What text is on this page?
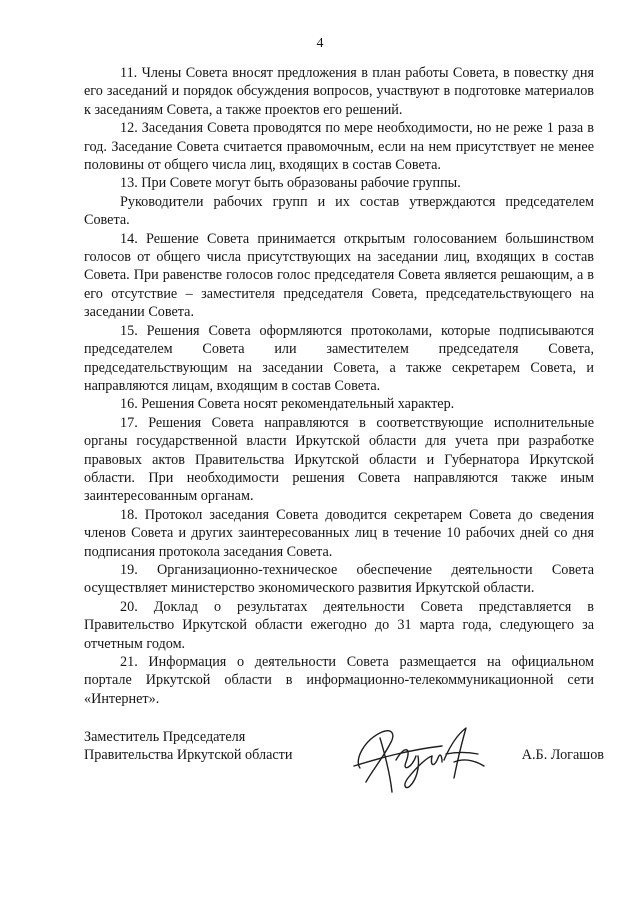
4

11. Члены Совета вносят предложения в план работы Совета, в повестку дня его заседаний и порядок обсуждения вопросов, участвуют в подготовке материалов к заседаниям Совета, а также проектов его решений.

12. Заседания Совета проводятся по мере необходимости, но не реже 1 раза в год. Заседание Совета считается правомочным, если на нем присутствует не менее половины от общего числа лиц, входящих в состав Совета.

13. При Совете могут быть образованы рабочие группы.

Руководители рабочих групп и их состав утверждаются председателем Совета.

14. Решение Совета принимается открытым голосованием большинством голосов от общего числа присутствующих на заседании лиц, входящих в состав Совета. При равенстве голосов голос председателя Совета является решающим, а в его отсутствие – заместителя председателя Совета, председательствующего на заседании Совета.

15. Решения Совета оформляются протоколами, которые подписываются председателем Совета или заместителем председателя Совета, председательствующим на заседании Совета, а также секретарем Совета, и направляются лицам, входящим в состав Совета.

16. Решения Совета носят рекомендательный характер.

17. Решения Совета направляются в соответствующие исполнительные органы государственной власти Иркутской области для учета при разработке правовых актов Правительства Иркутской области и Губернатора Иркутской области. При необходимости решения Совета направляются также иным заинтересованным органам.

18. Протокол заседания Совета доводится секретарем Совета до сведения членов Совета и других заинтересованных лиц в течение 10 рабочих дней со дня подписания протокола заседания Совета.

19. Организационно-техническое обеспечение деятельности Совета осуществляет министерство экономического развития Иркутской области.

20. Доклад о результатах деятельности Совета представляется в Правительство Иркутской области ежегодно до 31 марта года, следующего за отчетным годом.

21. Информация о деятельности Совета размещается на официальном портале Иркутской области в информационно-телекоммуникационной сети «Интернет».

Заместитель Председателя
Правительства Иркутской области	А.Б. Логашов
